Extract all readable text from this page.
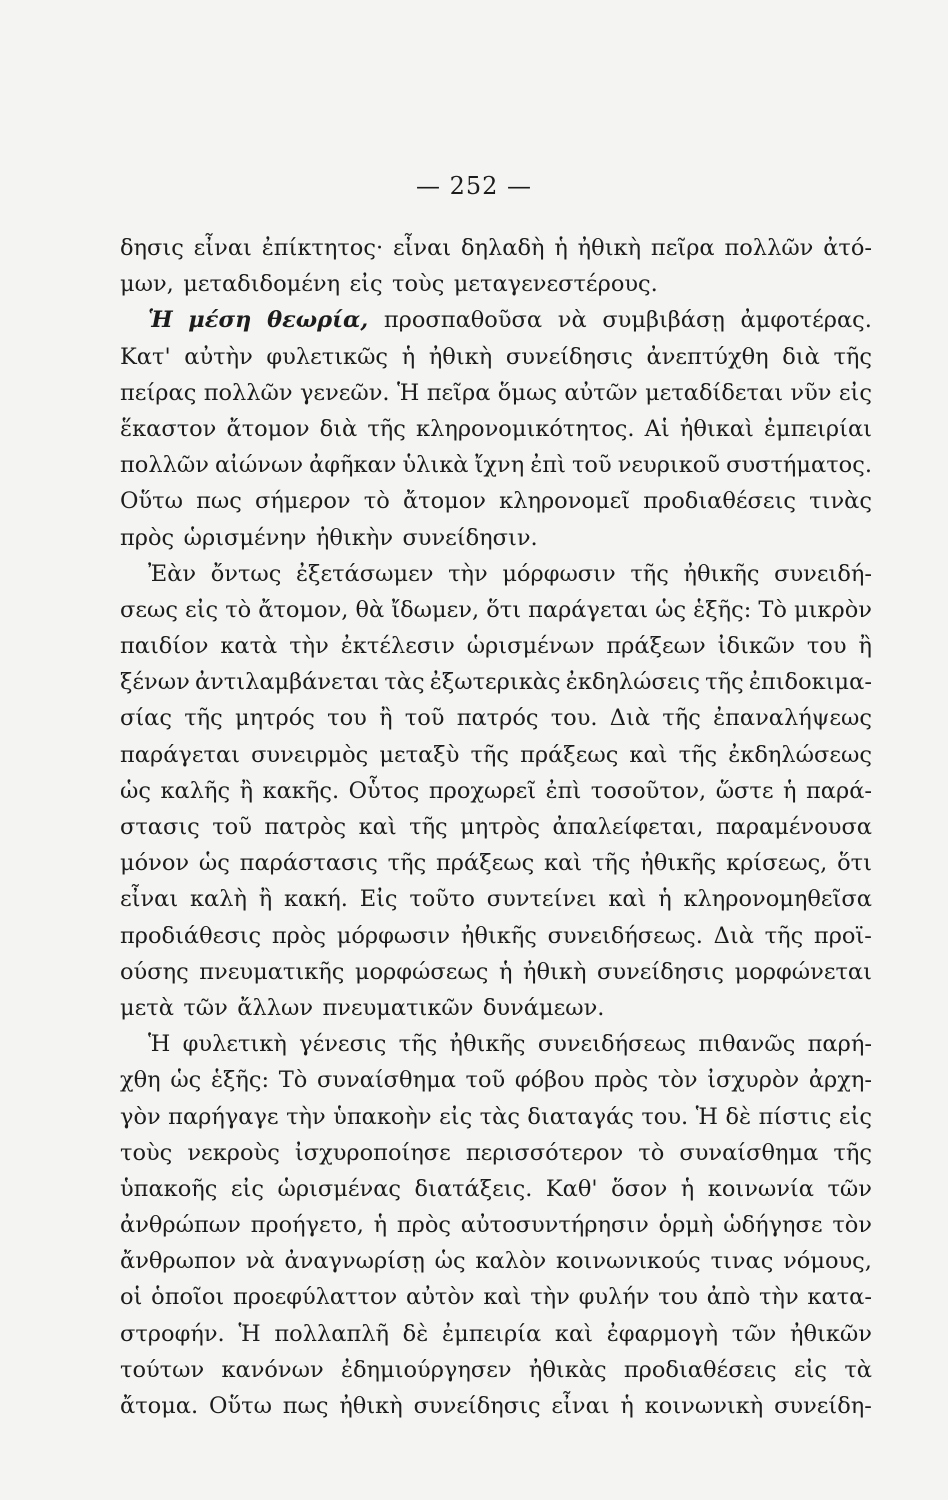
— 252 —
δησις εἶναι ἐπίκτητος· εἶναι δηλαδὴ ἡ ἠθικὴ πεῖρα πολλῶν ἀτό-
μων, μεταδιδομένη εἰς τοὺς μεταγενεστέρους.
Ἡ μέση θεωρία, προσπαθοῦσα νὰ συμβιβάσῃ ἀμφοτέρας.
Κατ' αὐτὴν φυλετικῶς ἡ ἠθικὴ συνείδησις ἀνεπτύχθη διὰ τῆς
πείρας πολλῶν γενεῶν. Ἡ πεῖρα ὅμως αὐτῶν μεταδίδεται νῦν εἰς
ἕκαστον ἄτομον διὰ τῆς κληρονομικότητος. Αἱ ἠθικαὶ ἐμπειρίαι
πολλῶν αἰώνων ἀφῆκαν ὑλικὰ ἴχνη ἐπὶ τοῦ νευρικοῦ συστήματος.
Οὕτω πως σήμερον τὸ ἄτομον κληρονομεῖ προδιαθέσεις τινὰς
πρὸς ὡρισμένην ἠθικὴν συνείδησιν.
Ἐὰν ὄντως ἐξετάσωμεν τὴν μόρφωσιν τῆς ἠθικῆς συνειδή-
σεως εἰς τὸ ἄτομον, θὰ ἴδωμεν, ὅτι παράγεται ὡς ἑξῆς: Τὸ μικρὸν
παιδίον κατὰ τὴν ἐκτέλεσιν ὡρισμένων πράξεων ἰδικῶν του ἢ
ξένων ἀντιλαμβάνεται τὰς ἐξωτερικὰς ἐκδηλώσεις τῆς ἐπιδοκιμα-
σίας τῆς μητρός του ἢ τοῦ πατρός του. Διὰ τῆς ἐπαναλήψεως
παράγεται συνειρμὸς μεταξὺ τῆς πράξεως καὶ τῆς ἐκδηλώσεως
ὡς καλῆς ἢ κακῆς. Οὗτος προχωρεῖ ἐπὶ τοσοῦτον, ὥστε ἡ παρά-
στασις τοῦ πατρὸς καὶ τῆς μητρὸς ἀπαλείφεται, παραμένουσα
μόνον ὡς παράστασις τῆς πράξεως καὶ τῆς ἠθικῆς κρίσεως, ὅτι
εἶναι καλὴ ἢ κακή. Εἰς τοῦτο συντείνει καὶ ἡ κληρονομηθεῖσα
προδιάθεσις πρὸς μόρφωσιν ἠθικῆς συνειδήσεως. Διὰ τῆς προϊ-
ούσης πνευματικῆς μορφώσεως ἡ ἠθικὴ συνείδησις μορφώνεται
μετὰ τῶν ἄλλων πνευματικῶν δυνάμεων.
Ἡ φυλετικὴ γένεσις τῆς ἠθικῆς συνειδήσεως πιθανῶς παρή-
χθη ὡς ἑξῆς: Τὸ συναίσθημα τοῦ φόβου πρὸς τὸν ἰσχυρὸν ἀρχη-
γὸν παρήγαγε τὴν ὑπακοὴν εἰς τὰς διαταγάς του. Ἡ δὲ πίστις εἰς
τοὺς νεκροὺς ἰσχυροποίησε περισσότερον τὸ συναίσθημα τῆς
ὑπακοῆς εἰς ὡρισμένας διατάξεις. Καθ' ὅσον ἡ κοινωνία τῶν
ἀνθρώπων προήγετο, ἡ πρὸς αὐτοσυντήρησιν ὁρμὴ ὡδήγησε τὸν
ἄνθρωπον νὰ ἀναγνωρίσῃ ὡς καλὸν κοινωνικούς τινας νόμους,
οἱ ὁποῖοι προεφύλαττον αὐτὸν καὶ τὴν φυλήν του ἀπὸ τὴν κατα-
στροφήν. Ἡ πολλαπλῆ δὲ ἐμπειρία καὶ ἐφαρμογὴ τῶν ἠθικῶν
τούτων κανόνων ἐδημιούργησεν ἠθικὰς προδιαθέσεις εἰς τὰ
ἄτομα. Οὕτω πως ἠθικὴ συνείδησις εἶναι ἡ κοινωνικὴ συνείδη-
